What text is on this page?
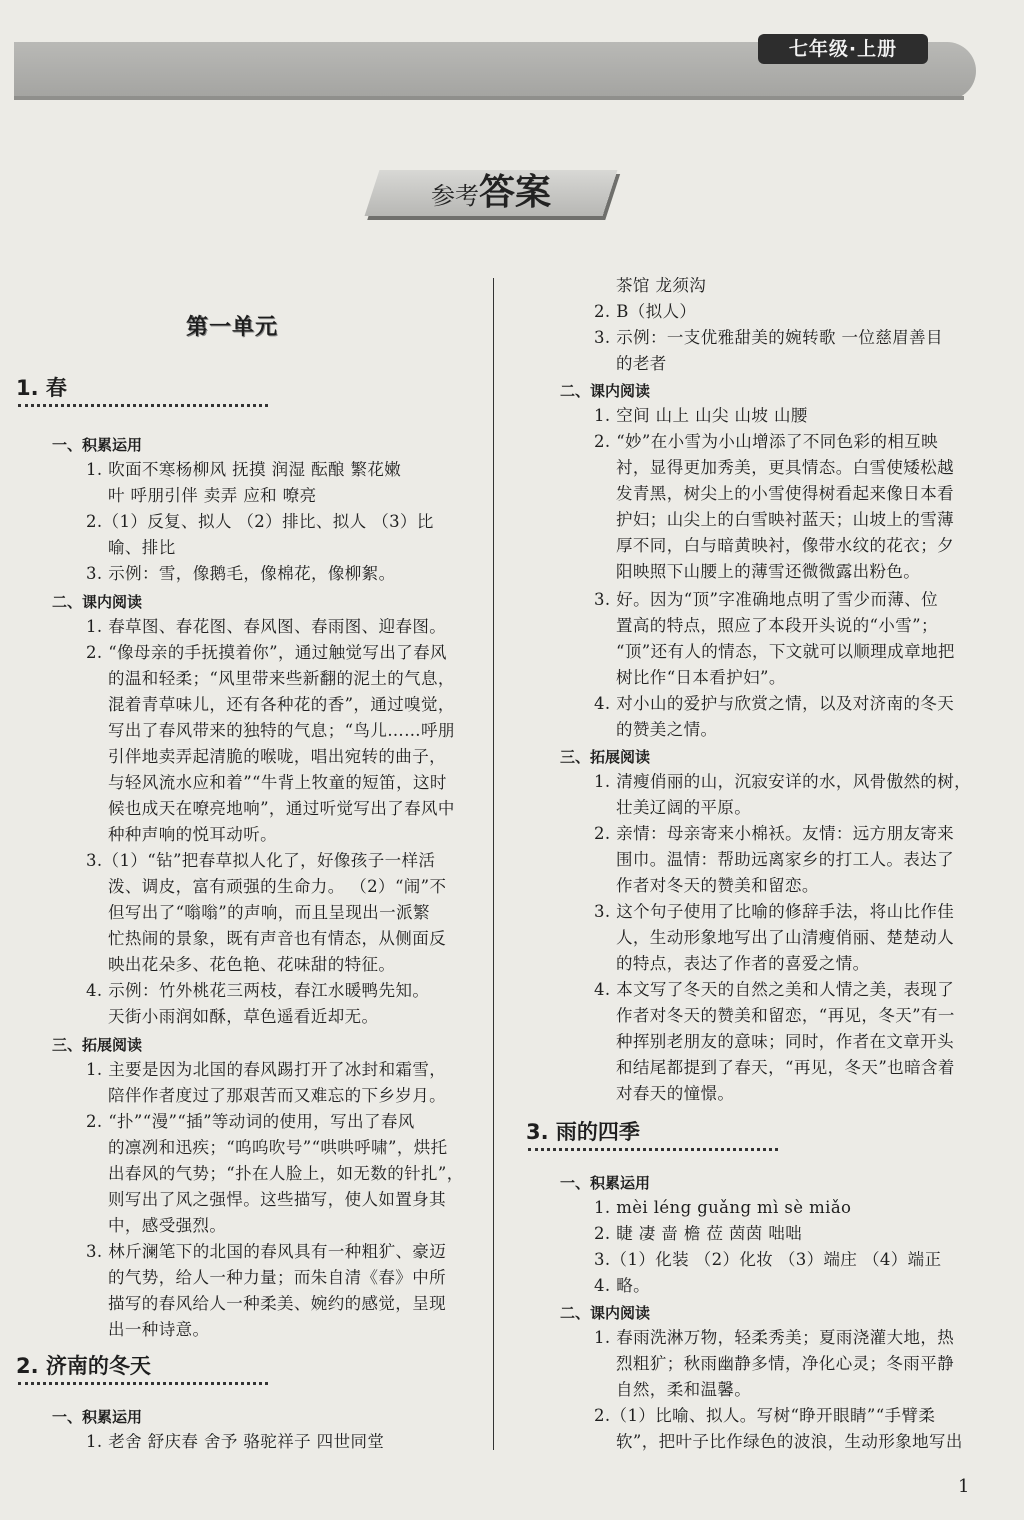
七年级·上册
参考答案
第一单元
1. 春
一、积累运用
1. 吹面不寒杨柳风 抚摸 润湿 酝酿 繁花嫩
叶 呼朋引伴 卖弄 应和 嘹亮
2.（1）反复、拟人 （2）排比、拟人 （3）比
喻、排比
3. 示例：雪，像鹅毛，像棉花，像柳絮。
二、课内阅读
1. 春草图、春花图、春风图、春雨图、迎春图。
2. “像母亲的手抚摸着你”，通过触觉写出了春风
的温和轻柔；“风里带来些新翻的泥土的气息，
混着青草味儿，还有各种花的香”，通过嗅觉，
写出了春风带来的独特的气息；“鸟儿……呼朋
引伴地卖弄起清脆的喉咙，唱出宛转的曲子，
与轻风流水应和着”“牛背上牧童的短笛，这时
候也成天在嘹亮地响”，通过听觉写出了春风中
种种声响的悦耳动听。
3.（1）“钻”把春草拟人化了，好像孩子一样活
泼、调皮，富有顽强的生命力。 （2）“闹”不
但写出了“嗡嗡”的声响，而且呈现出一派繁
忙热闹的景象，既有声音也有情态，从侧面反
映出花朵多、花色艳、花味甜的特征。
4. 示例：竹外桃花三两枝，春江水暖鸭先知。
天街小雨润如酥，草色遥看近却无。
三、拓展阅读
1. 主要是因为北国的春风踢打开了冰封和霜雪，
陪伴作者度过了那艰苦而又难忘的下乡岁月。
2. “扑”“漫”“插”等动词的使用，写出了春风
的凛冽和迅疾；“呜呜吹号”“哄哄呼啸”，烘托
出春风的气势；“扑在人脸上，如无数的针扎”，
则写出了风之强悍。这些描写，使人如置身其
中，感受强烈。
3. 林斤澜笔下的北国的春风具有一种粗犷、豪迈
的气势，给人一种力量；而朱自清《春》中所
描写的春风给人一种柔美、婉约的感觉，呈现
出一种诗意。
2. 济南的冬天
一、积累运用
1. 老舍 舒庆春 舍予 骆驼祥子 四世同堂
茶馆 龙须沟
2. B（拟人）
3. 示例：一支优雅甜美的婉转歌 一位慈眉善目
的老者
二、课内阅读
1. 空间 山上 山尖 山坡 山腰
2. “妙”在小雪为小山增添了不同色彩的相互映
衬，显得更加秀美，更具情态。白雪使矮松越
发青黑，树尖上的小雪使得树看起来像日本看
护妇；山尖上的白雪映衬蓝天；山坡上的雪薄
厚不同，白与暗黄映衬，像带水纹的花衣；夕
阳映照下山腰上的薄雪还微微露出粉色。
3. 好。因为“顶”字准确地点明了雪少而薄、位
置高的特点，照应了本段开头说的“小雪”；
“顶”还有人的情态，下文就可以顺理成章地把
树比作“日本看护妇”。
4. 对小山的爱护与欣赏之情，以及对济南的冬天
的赞美之情。
三、拓展阅读
1. 清瘦俏丽的山，沉寂安详的水，风骨傲然的树，
壮美辽阔的平原。
2. 亲情：母亲寄来小棉袄。友情：远方朋友寄来
围巾。温情：帮助远离家乡的打工人。表达了
作者对冬天的赞美和留恋。
3. 这个句子使用了比喻的修辞手法，将山比作佳
人，生动形象地写出了山清瘦俏丽、楚楚动人
的特点，表达了作者的喜爱之情。
4. 本文写了冬天的自然之美和人情之美，表现了
作者对冬天的赞美和留恋，“再见，冬天”有一
种挥别老朋友的意味；同时，作者在文章开头
和结尾都提到了春天，“再见，冬天”也暗含着
对春天的憧憬。
3. 雨的四季
一、积累运用
1. mèi léng guǎng mì sè miǎo
2. 睫 凄 啬 檐 莅 茵茵 咄咄
3.（1）化装 （2）化妆 （3）端庄 （4）端正
4. 略。
二、课内阅读
1. 春雨洗淋万物，轻柔秀美；夏雨浇灌大地，热
烈粗犷；秋雨幽静多情，净化心灵；冬雨平静
自然，柔和温馨。
2.（1）比喻、拟人。写树“睁开眼睛”“手臂柔
软”，把叶子比作绿色的波浪，生动形象地写出
1
